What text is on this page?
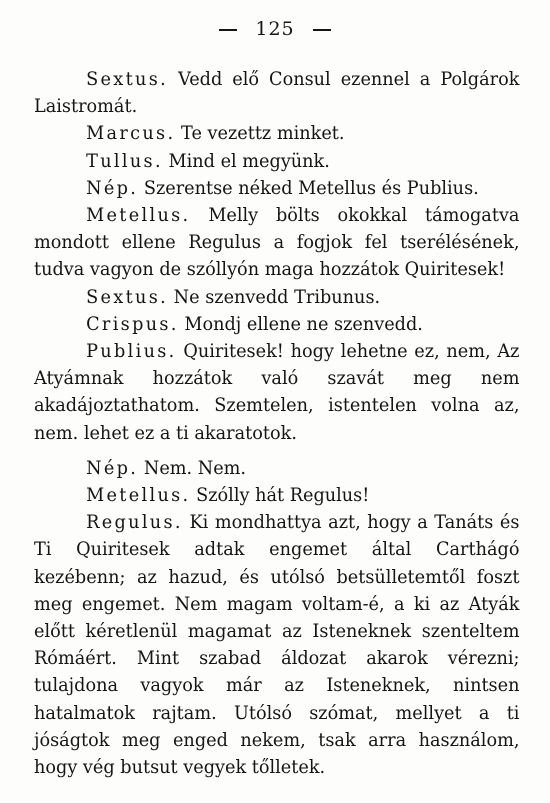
125

Sextus. Vedd elő Consul ezennel a Polgárok Laistromát.

Marcus. Te vezettz minket.

Tullus. Mind el megyünk.

Nép. Szerentse néked Metellus és Publius.

Metellus. Melly bölts okokkal támogatva mondott ellene Regulus a fogjok fel tserélésének, tudva vagyon de szóllyón maga hozzátok Quiritesek!

Sextus. Ne szenvedd Tribunus.

Crispus. Mondj ellene ne szenvedd.

Publius. Quiritesek! hogy lehetne ez, nem, Az Atyámnak hozzátok való szavát meg nem akadájoztathatom. Szemtelen, istentelen volna az, nem. lehet ez a ti akaratotok.

Nép. Nem. Nem.

Metellus. Szólly hát Regulus!

Regulus. Ki mondhattya azt, hogy a Tanáts és Ti Quiritesek adtak engemet által Carthágó kezébenn; az hazud, és utólsó betsülletemtől foszt meg engemet. Nem magam voltam-é, a ki az Atyák előtt kéretlenül magamat az Isteneknek szenteltem Rómáért. Mint szabad áldozat akarok vérezni; tulajdona vagyok már az Isteneknek, nintsen hatalmatok rajtam. Utólsó szómat, mellyet a ti jóságtok meg enged nekem, tsak arra használom, hogy vég butsut vegyek tőlletek.
